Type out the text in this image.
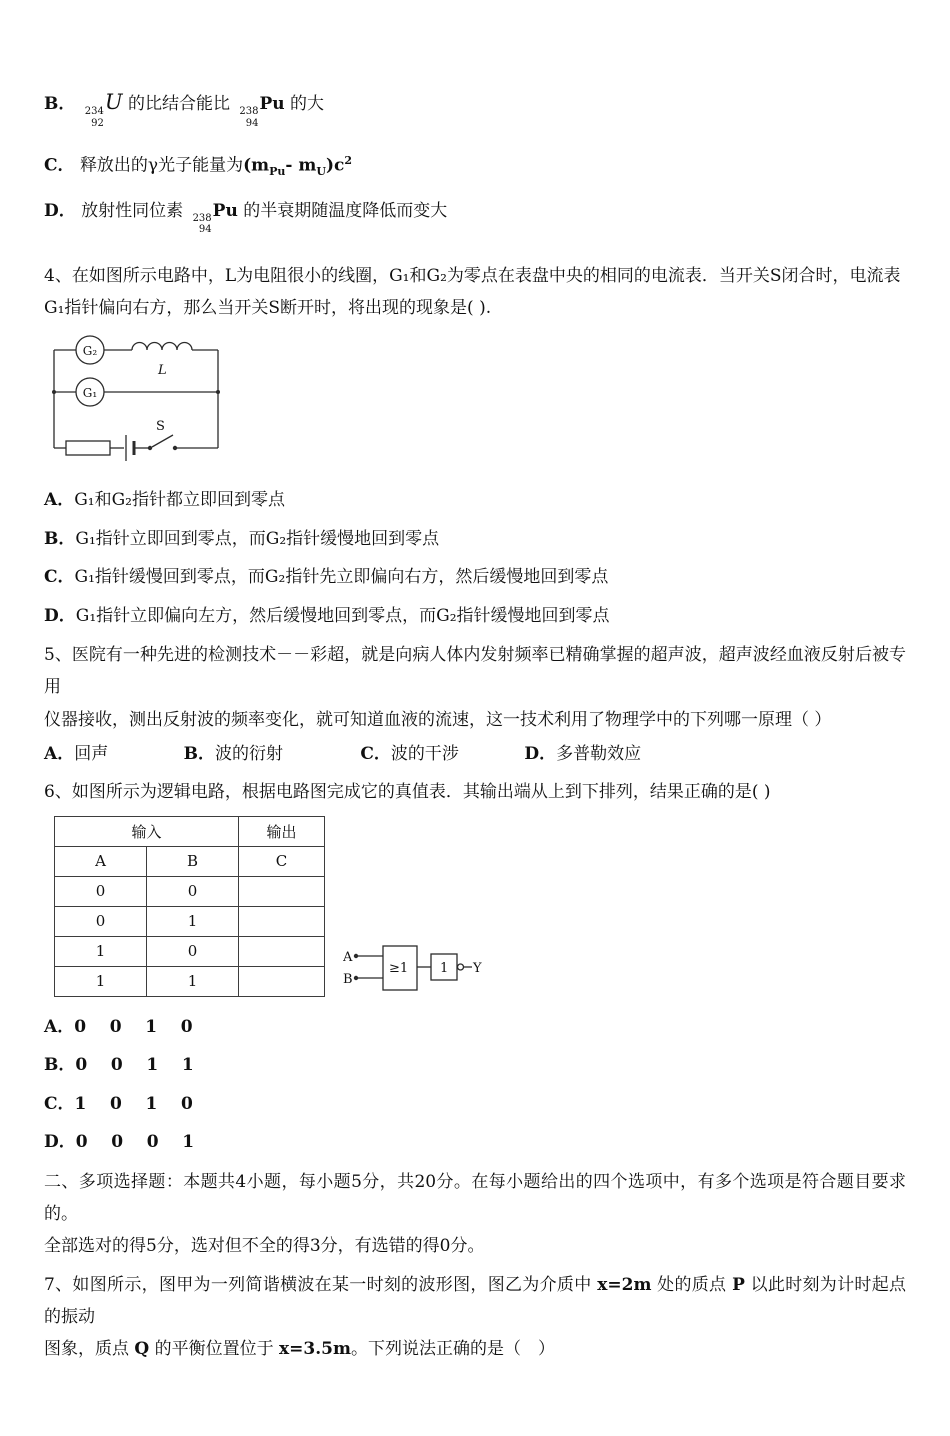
B． 234
92
U 的比结合能比 238
94
Pu 的大

C． 释放出的γ光子能量为($m_{Pu}-$ $m_U)c^2$

D． 放射性同位素 238
94
Pu 的半衰期随温度降低而变大

4、在如图所示电路中，L为电阻很小的线圈，G₁和G₂为零点在表盘中央的相同的电流表．当开关S闭合时，电流表
G₁指针偏向右方，那么当开关S断开时，将出现的现象是( ).

G₂
L
G₁
S

A．G₁和G₂指针都立即回到零点

B．G₁指针立即回到零点，而G₂指针缓慢地回到零点

C．G₁指针缓慢回到零点，而G₂指针先立即偏向右方，然后缓慢地回到零点

D．G₁指针立即偏向左方，然后缓慢地回到零点，而G₂指针缓慢地回到零点

5、医院有一种先进的检测技术－－彩超，就是向病人体内发射频率已精确掌握的超声波，超声波经血液反射后被专用
仪器接收，测出反射波的频率变化，就可知道血液的流速，这一技术利用了物理学中的下列哪一原理（ ）

A．回声	B．波的衍射	C．波的干涉	D．多普勒效应

6、如图所示为逻辑电路，根据电路图完成它的真值表．其输出端从上到下排列，结果正确的是( )

输入		输出
A	B	C
0	0	
0	1	
1	0	
1	1	
A
B
≥1 1 Y

A．0    0    1    0

B．0    0    1    1

C．1    0    1    0

D．0    0    0    1

二、多项选择题：本题共4小题，每小题5分，共20分。在每小题给出的四个选项中，有多个选项是符合题目要求的。
全部选对的得5分，选对但不全的得3分，有选错的得0分。

7、如图所示，图甲为一列简谐横波在某一时刻的波形图，图乙为介质中 x=2m 处的质点 P 以此时刻为计时起点的振动
图象，质点 Q 的平衡位置位于 x=3.5m。下列说法正确的是（　）
